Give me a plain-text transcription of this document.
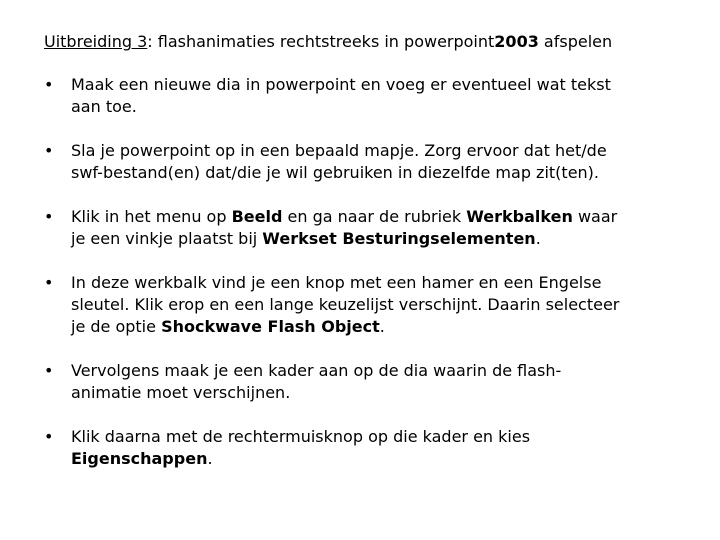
Uitbreiding 3: flashanimaties rechtstreeks in powerpoint2003 afspelen
• Maak een nieuwe dia in powerpoint en voeg er eventueel wat tekst
aan toe.
• Sla je powerpoint op in een bepaald mapje. Zorg ervoor dat het/de
swf-bestand(en) dat/die je wil gebruiken in diezelfde map zit(ten).
• Klik in het menu op Beeld en ga naar de rubriek Werkbalken waar
je een vinkje plaatst bij Werkset Besturingselementen.
• In deze werkbalk vind je een knop met een hamer en een Engelse
sleutel. Klik erop en een lange keuzelijst verschijnt. Daarin selecteer
je de optie Shockwave Flash Object.
• Vervolgens maak je een kader aan op de dia waarin de flash-
animatie moet verschijnen.
• Klik daarna met de rechtermuisknop op die kader en kies
Eigenschappen.
